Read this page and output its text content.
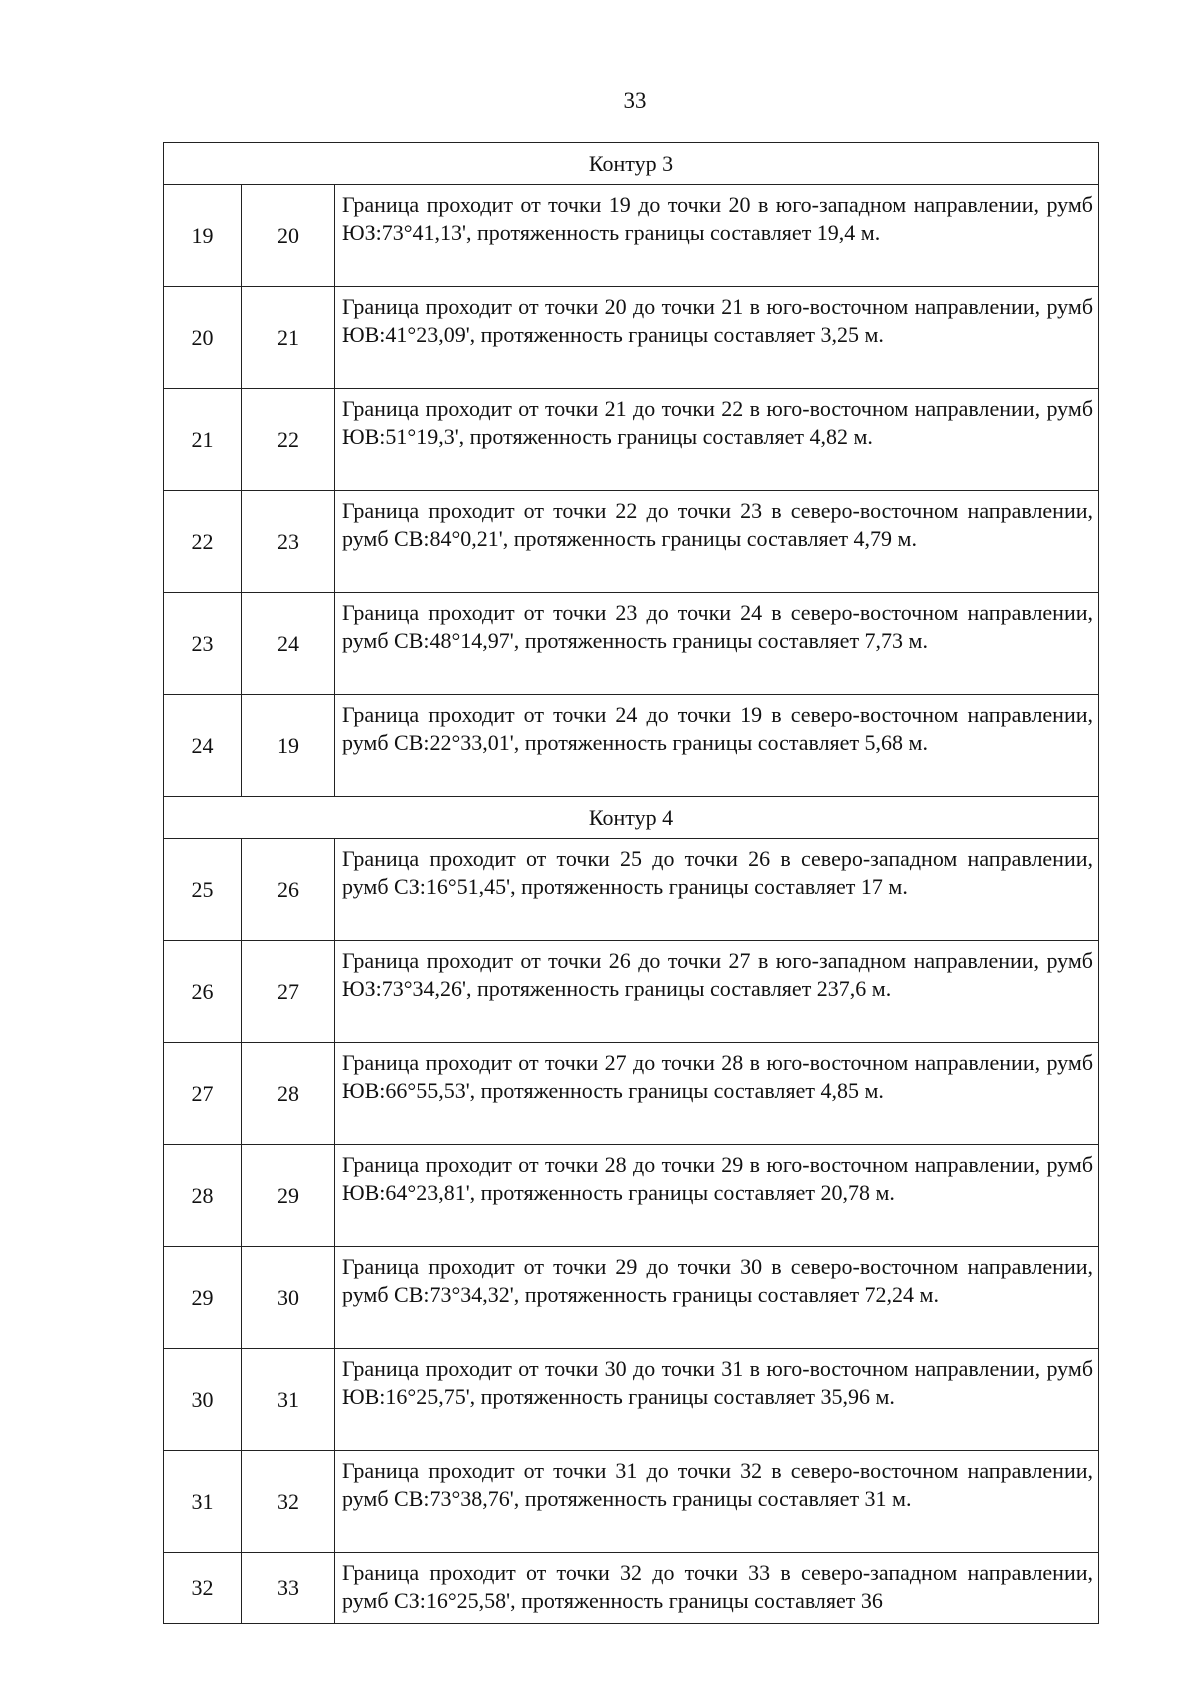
33
Контур 3		
19	20	Граница проходит от точки 19 до точки 20 в юго-западном направлении, румб ЮЗ:73°41,13', протяженность границы составляет 19,4 м.
20	21	Граница проходит от точки 20 до точки 21 в юго-восточном направлении, румб ЮВ:41°23,09', протяженность границы составляет 3,25 м.
21	22	Граница проходит от точки 21 до точки 22 в юго-восточном направлении, румб ЮВ:51°19,3', протяженность границы составляет 4,82 м.
22	23	Граница проходит от точки 22 до точки 23 в северо-восточном направлении, румб СВ:84°0,21', протяженность границы составляет 4,79 м.
23	24	Граница проходит от точки 23 до точки 24 в северо-восточном направлении, румб СВ:48°14,97', протяженность границы составляет 7,73 м.
24	19	Граница проходит от точки 24 до точки 19 в северо-восточном направлении, румб СВ:22°33,01', протяженность границы составляет 5,68 м.
Контур 4		
25	26	Граница проходит от точки 25 до точки 26 в северо-западном направлении, румб СЗ:16°51,45', протяженность границы составляет 17 м.
26	27	Граница проходит от точки 26 до точки 27 в юго-западном направлении, румб ЮЗ:73°34,26', протяженность границы составляет 237,6 м.
27	28	Граница проходит от точки 27 до точки 28 в юго-восточном направлении, румб ЮВ:66°55,53', протяженность границы составляет 4,85 м.
28	29	Граница проходит от точки 28 до точки 29 в юго-восточном направлении, румб ЮВ:64°23,81', протяженность границы составляет 20,78 м.
29	30	Граница проходит от точки 29 до точки 30 в северо-восточном направлении, румб СВ:73°34,32', протяженность границы составляет 72,24 м.
30	31	Граница проходит от точки 30 до точки 31 в юго-восточном направлении, румб ЮВ:16°25,75', протяженность границы составляет 35,96 м.
31	32	Граница проходит от точки 31 до точки 32 в северо-восточном направлении, румб СВ:73°38,76', протяженность границы составляет 31 м.
32	33	Граница проходит от точки 32 до точки 33 в северо-западном направлении, румб СЗ:16°25,58', протяженность границы составляет 36
